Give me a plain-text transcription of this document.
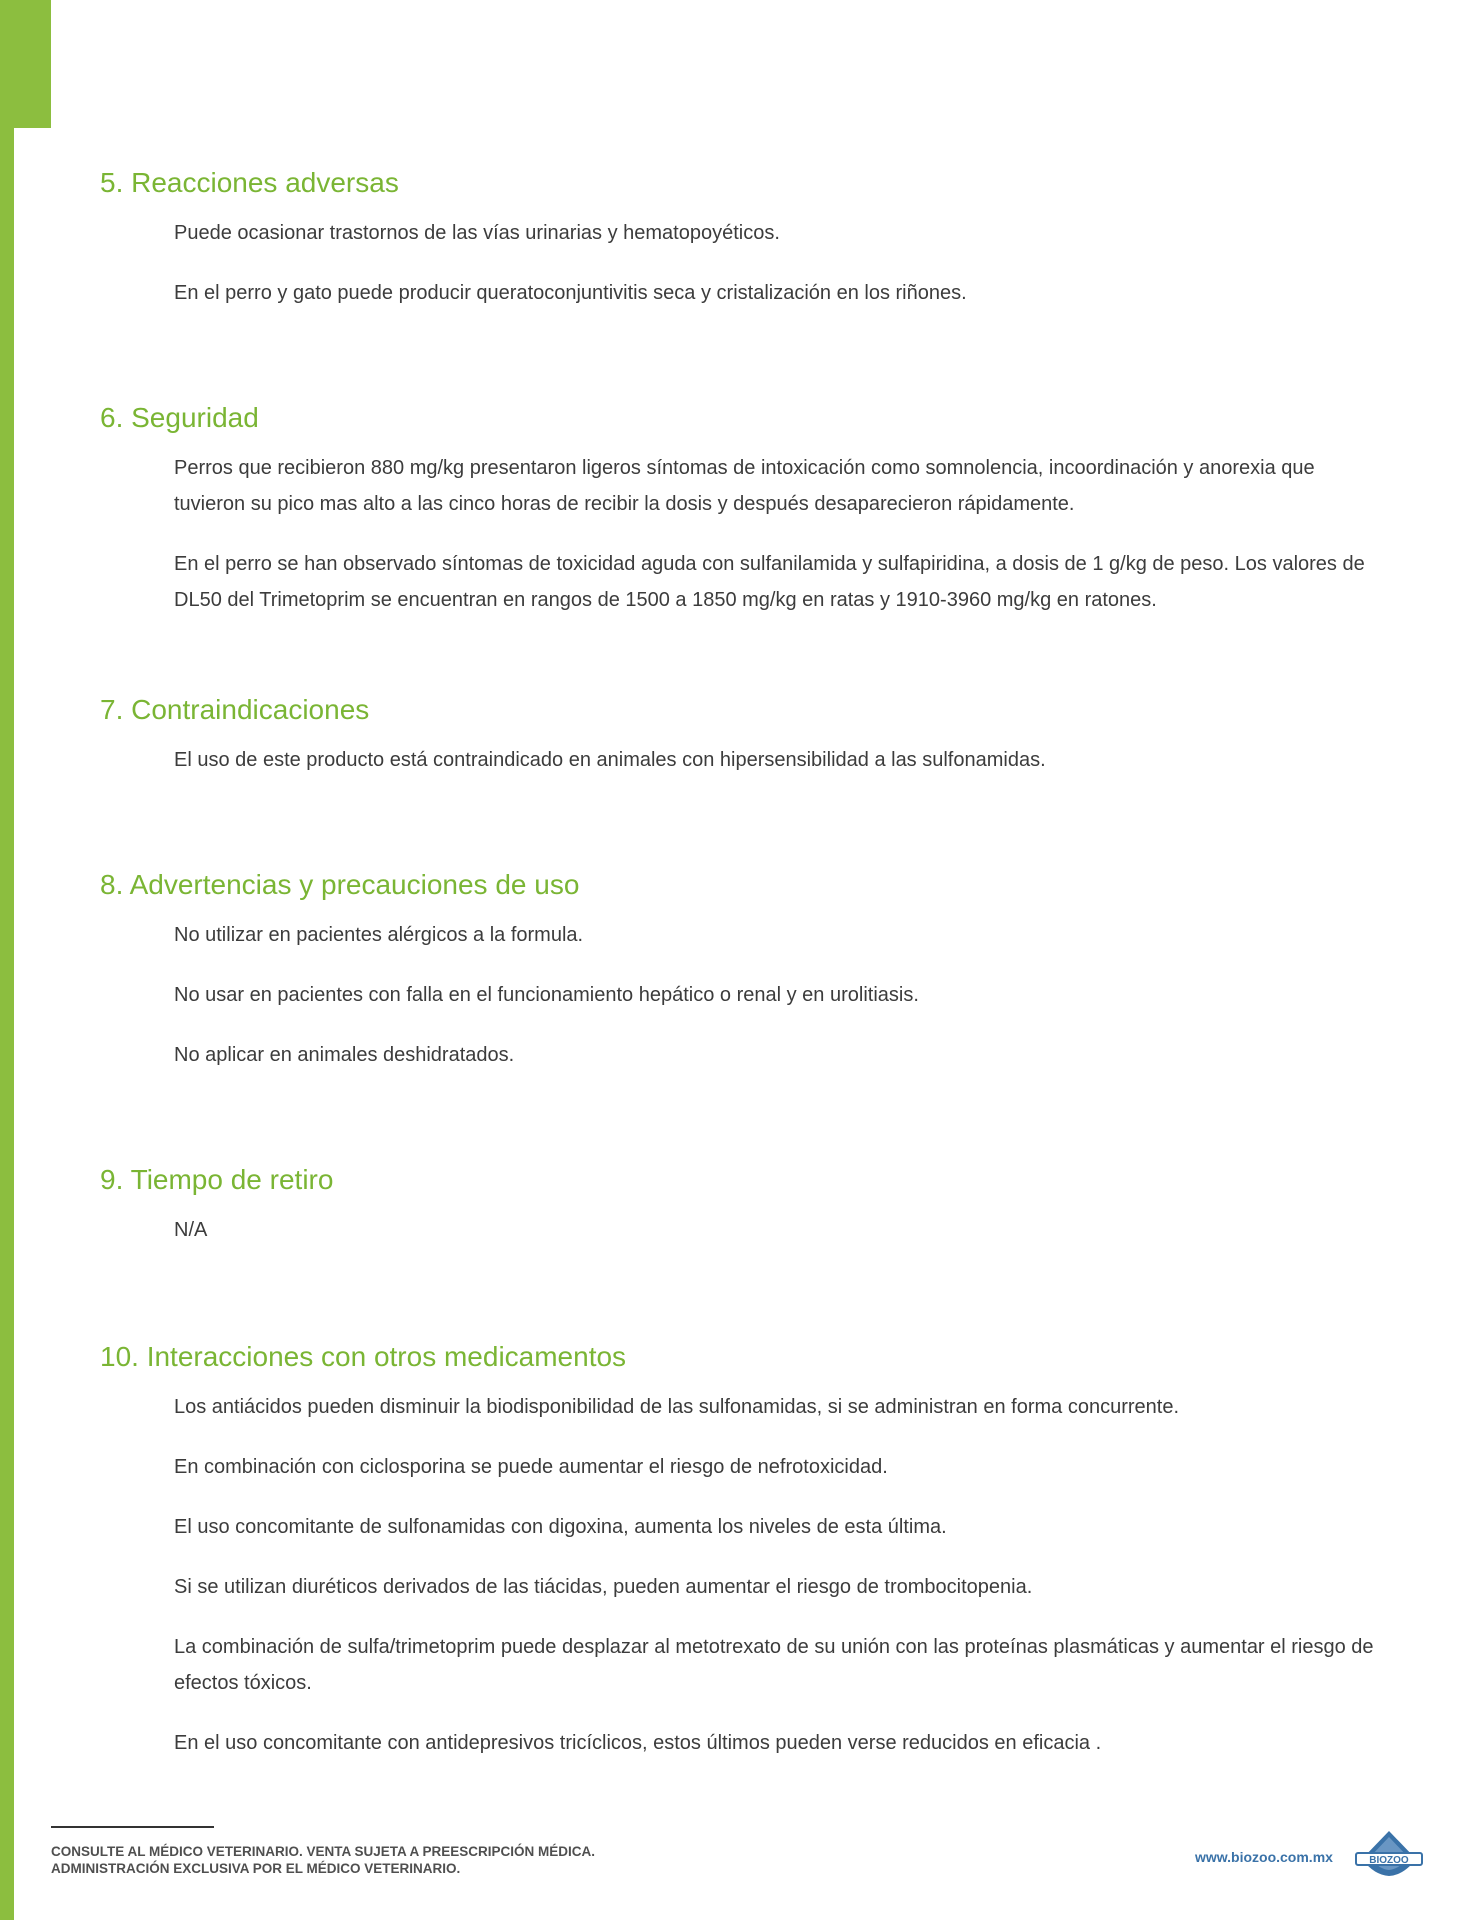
5. Reacciones adversas

Puede ocasionar trastornos de las vías urinarias y hematopoyéticos.

En el perro y gato puede producir queratoconjuntivitis seca y cristalización en los riñones.

6. Seguridad

Perros que recibieron 880 mg/kg presentaron ligeros síntomas de intoxicación como somnolencia, incoordinación y anorexia que tuvieron su pico mas alto a las cinco horas de recibir la dosis y después desaparecieron rápidamente.

En el perro se han observado síntomas de toxicidad aguda con sulfanilamida y sulfapiridina, a dosis de 1 g/kg de peso. Los valores de DL50 del Trimetoprim se encuentran en rangos de 1500 a 1850 mg/kg en ratas y 1910-3960 mg/kg en ratones.

7. Contraindicaciones

El uso de este producto está contraindicado en animales con hipersensibilidad a las sulfonamidas.

8. Advertencias y precauciones de uso

No utilizar en pacientes alérgicos a la formula.

No usar en pacientes con falla en el funcionamiento hepático o renal y en urolitiasis.

No aplicar en animales deshidratados.

9. Tiempo de retiro

N/A

10. Interacciones con otros medicamentos

Los antiácidos pueden disminuir la biodisponibilidad de las sulfonamidas, si se administran en forma concurrente.

En combinación con ciclosporina se puede aumentar el riesgo de nefrotoxicidad.

El uso concomitante de sulfonamidas con digoxina, aumenta los niveles de esta última.

Si se utilizan diuréticos derivados de las tiácidas, pueden aumentar el riesgo de trombocitopenia.

La combinación de sulfa/trimetoprim puede desplazar al metotrexato de su unión con las proteínas plasmáticas y aumentar el riesgo de efectos tóxicos.

En el uso concomitante con antidepresivos tricíclicos, estos últimos pueden verse reducidos en eficacia .

CONSULTE AL MÉDICO VETERINARIO. VENTA SUJETA A PREESCRIPCIÓN MÉDICA.
ADMINISTRACIÓN EXCLUSIVA POR EL MÉDICO VETERINARIO.
www.biozoo.com.mx	BIOZOO
